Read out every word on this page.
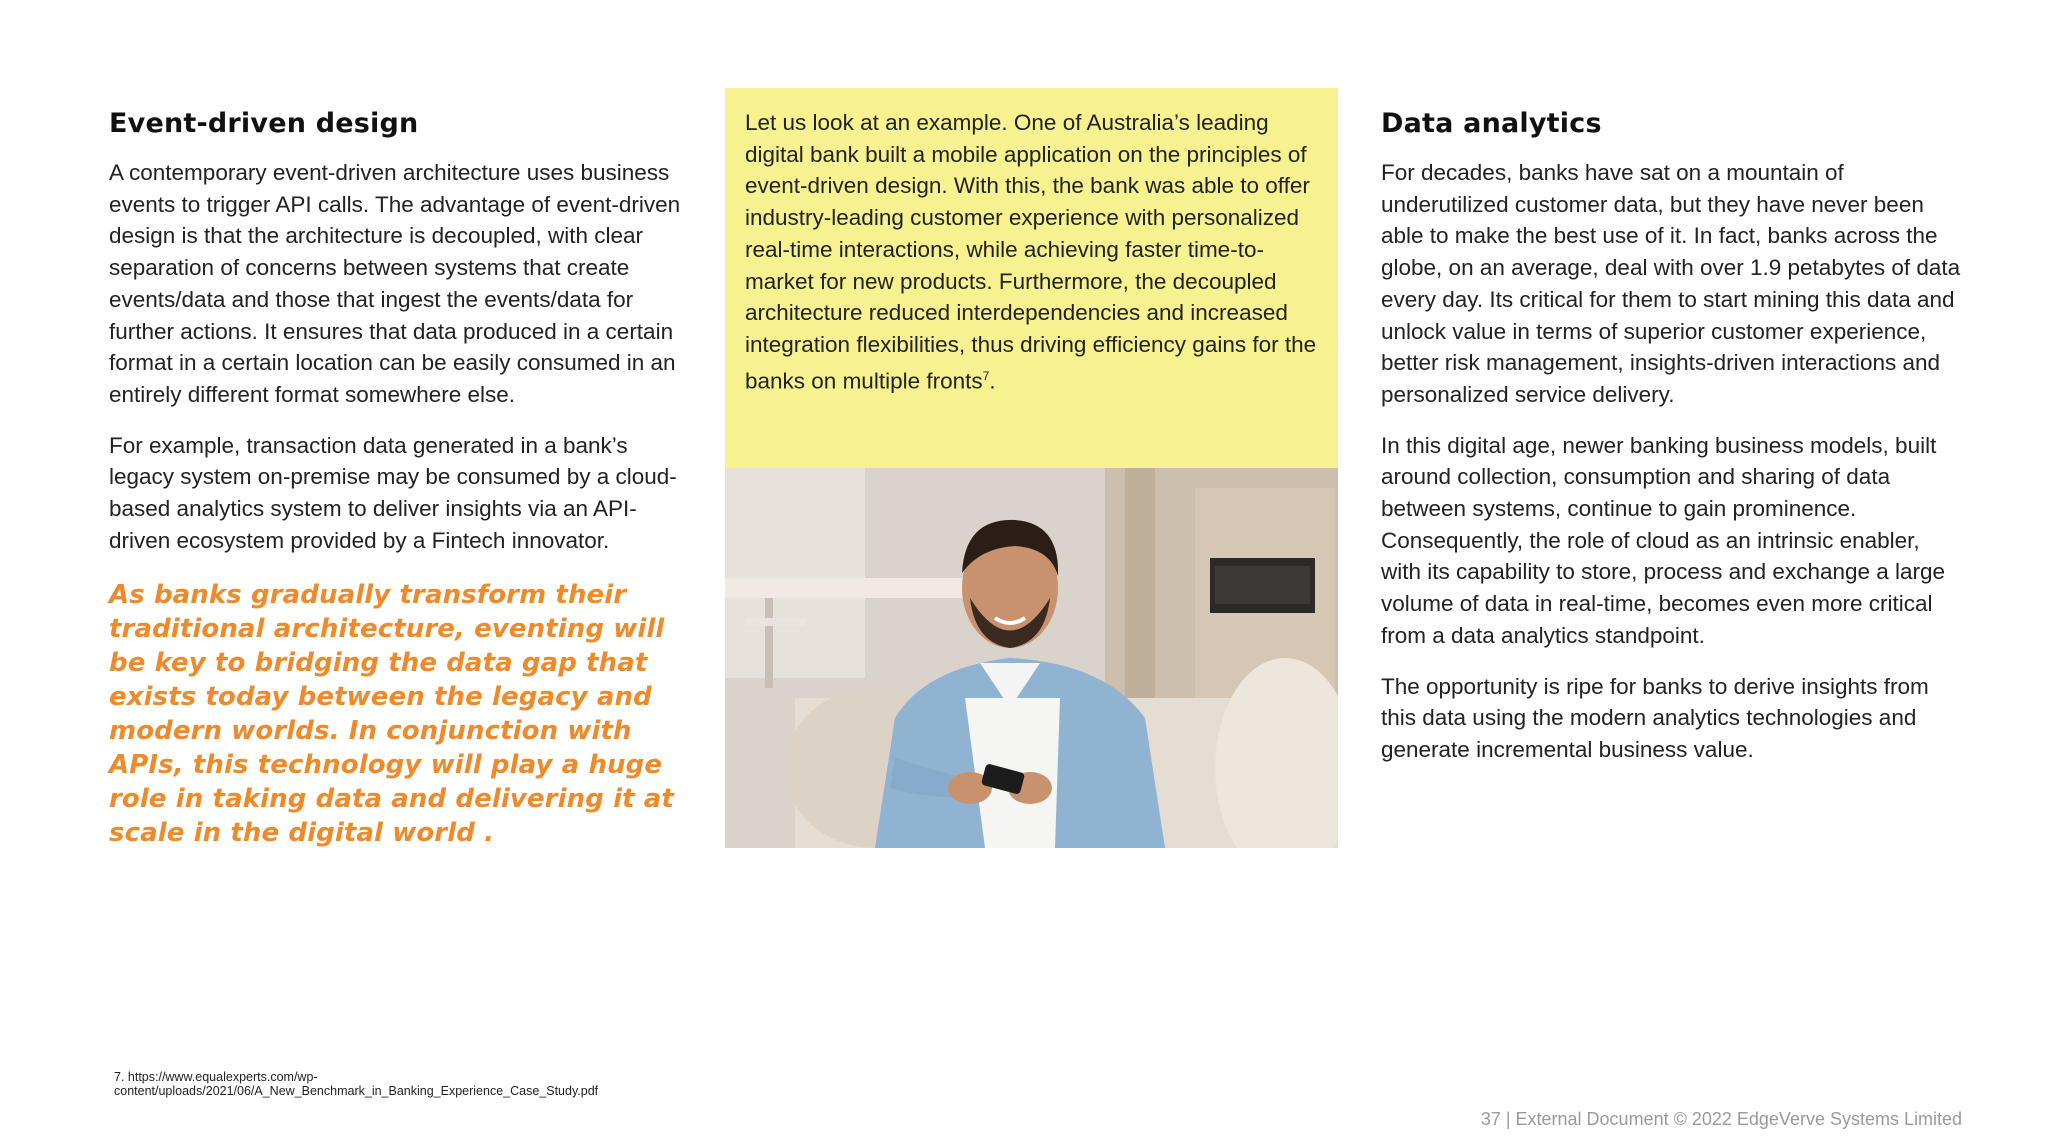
Event-driven design

A contemporary event-driven architecture uses business events to trigger API calls. The advantage of event-driven design is that the architecture is decoupled, with clear separation of concerns between systems that create events/data and those that ingest the events/data for further actions. It ensures that data produced in a certain format in a certain location can be easily consumed in an entirely different format somewhere else.

For example, transaction data generated in a bank’s legacy system on-premise may be consumed by a cloud-based analytics system to deliver insights via an API-driven ecosystem provided by a Fintech innovator.

As banks gradually transform their traditional architecture, eventing will be key to bridging the data gap that exists today between the legacy and modern worlds. In conjunction with APIs, this technology will play a huge role in taking data and delivering it at scale in the digital world .

Let us look at an example. One of Australia’s leading digital bank built a mobile application on the principles of event-driven design. With this, the bank was able to offer industry-leading customer experience with personalized real-time interactions, while achieving faster time-to-market for new products. Furthermore, the decoupled architecture reduced interdependencies and increased integration flexibilities, thus driving efficiency gains for the banks on multiple fronts$^7$.

Data analytics

For decades, banks have sat on a mountain of underutilized customer data, but they have never been able to make the best use of it. In fact, banks across the globe, on an average, deal with over 1.9 petabytes of data every day. Its critical for them to start mining this data and unlock value in terms of superior customer experience, better risk management, insights-driven interactions and personalized service delivery.

In this digital age, newer banking business models, built around collection, consumption and sharing of data between systems, continue to gain prominence. Consequently, the role of cloud as an intrinsic enabler, with its capability to store, process and exchange a large volume of data in real-time, becomes even more critical from a data analytics standpoint.

The opportunity is ripe for banks to derive insights from this data using the modern analytics technologies and generate incremental business value.

7. https://www.equalexperts.com/wp-content/uploads/2021/06/A_New_Benchmark_in_Banking_Experience_Case_Study.pdf
37 | External Document © 2022 EdgeVerve Systems Limited
